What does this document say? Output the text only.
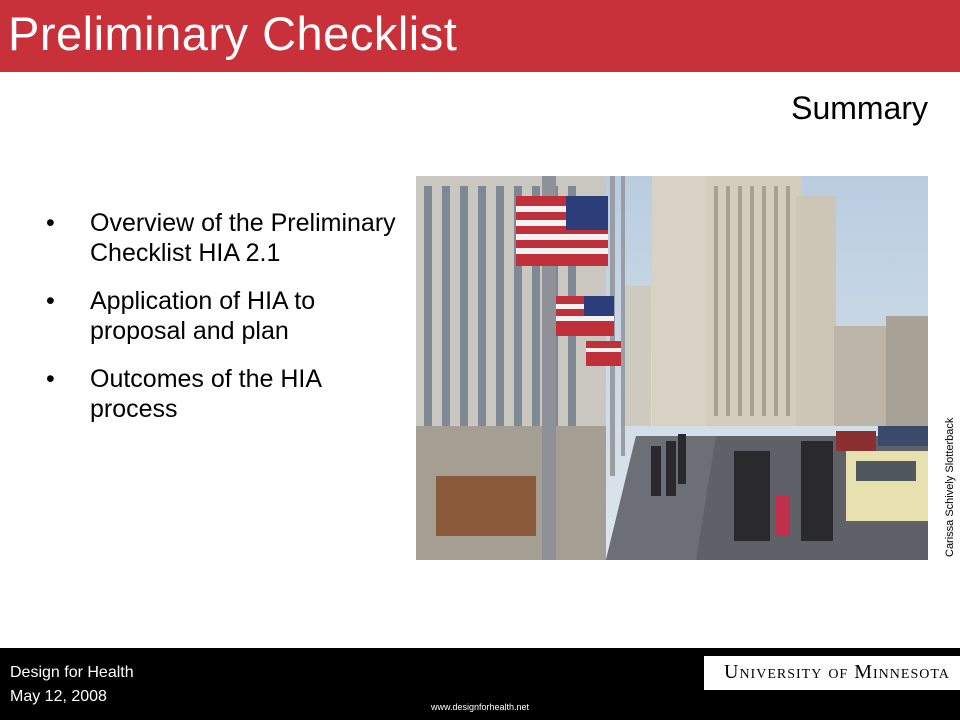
Preliminary Checklist
Summary
• Overview of the Preliminary Checklist HIA 2.1
• Application of HIA to proposal and plan
• Outcomes of the HIA process
Carissa Schively Slotterback
Design for Health
May 12, 2008
www.designforhealth.net
University of Minnesota
